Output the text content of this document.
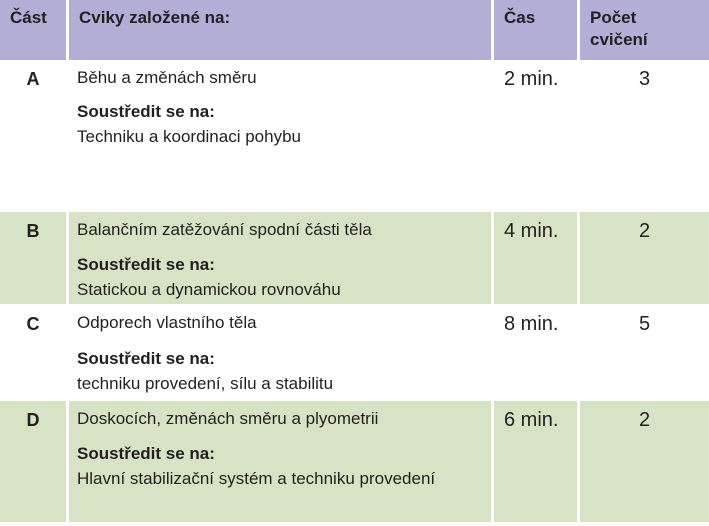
Část Cviky založené na:	Čas	Počet
cvičení
A	Běhu a změnách směru
Soustředit se na:
Techniku a koordinaci pohybu
2 min.	3
B	Balančním zatěžování spodní části těla
Soustředit se na:
Statickou a dynamickou rovnováhu
4 min.	2
C	Odporech vlastního těla
Soustředit se na:
techniku provedení, sílu a stabilitu
8 min.	5
D	Doskocích, změnách směru a plyometrii
Soustředit se na:
Hlavní stabilizační systém a techniku provedení
6 min.	2
